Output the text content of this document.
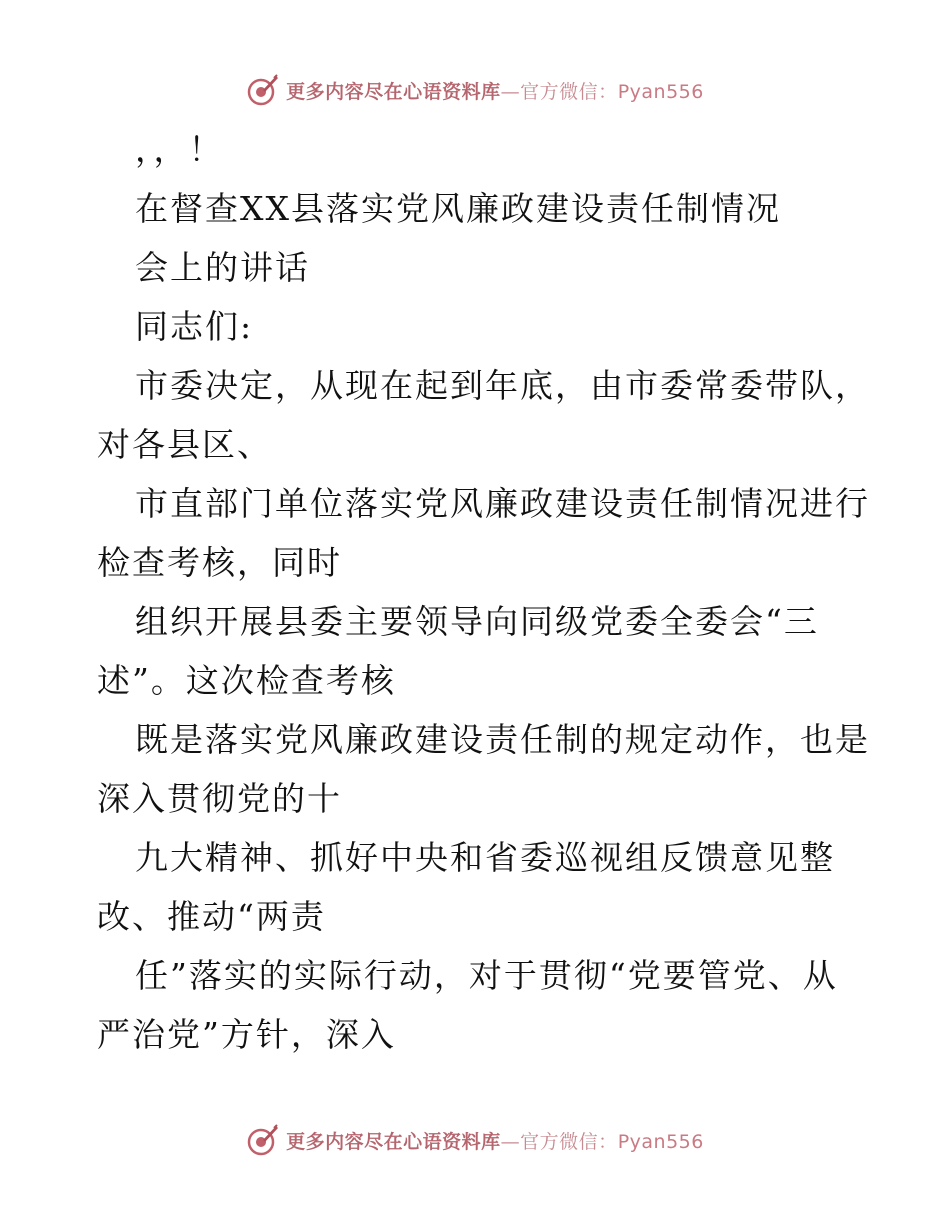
更多内容尽在心语资料库—官方微信：Pyan556
，，！
在督查XX县落实党风廉政建设责任制情况
会上的讲话
同志们:
市委决定，从现在起到年底，由市委常委带队，
对各县区、
市直部门单位落实党风廉政建设责任制情况进行
检查考核，同时
组织开展县委主要领导向同级党委全委会“三
述”。这次检查考核
既是落实党风廉政建设责任制的规定动作，也是
深入贯彻党的十
九大精神、抓好中央和省委巡视组反馈意见整
改、推动“两责
任”落实的实际行动，对于贯彻“党要管党、从
严治党”方针，深入
更多内容尽在心语资料库—官方微信：Pyan556
